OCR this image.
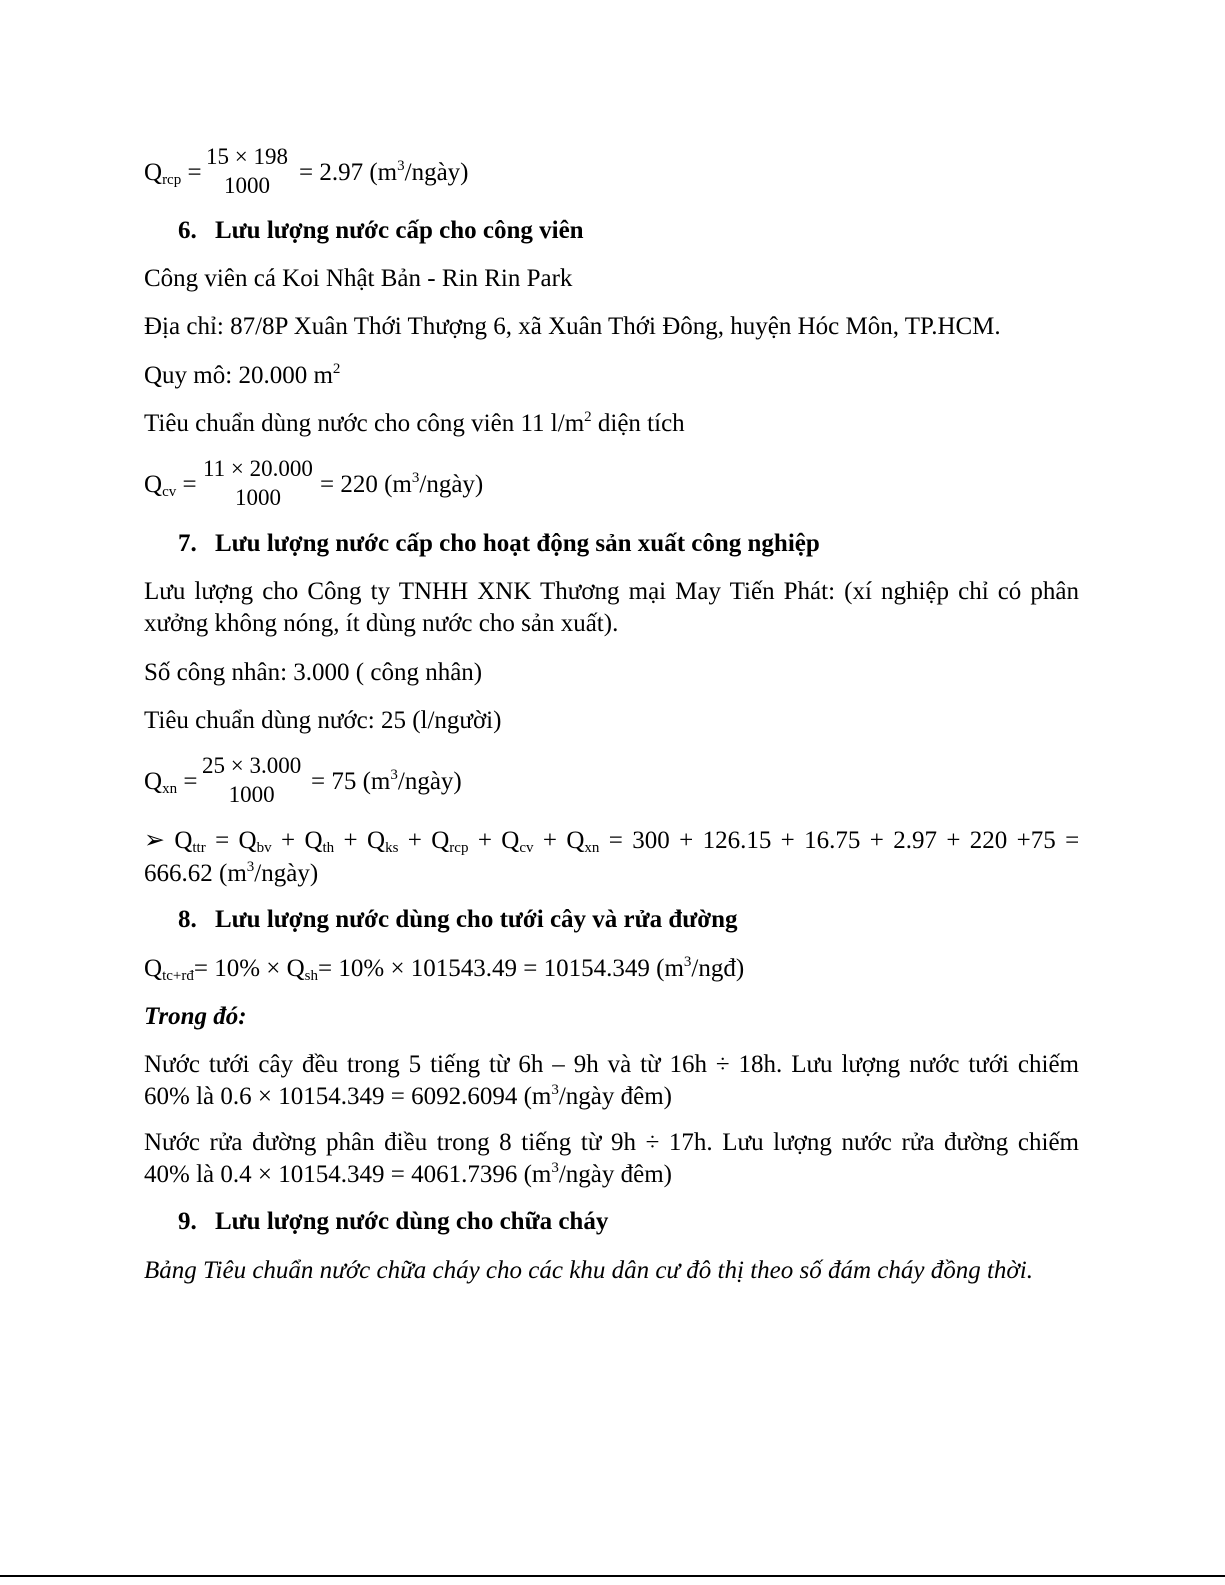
$Q_{rcp}$ =
15 × 198
1000	= 2.97 $(m^3/ngày)$
6. Lưu lượng nước cấp cho công viên
Công viên cá Koi Nhật Bản - Rin Rin Park
Địa chỉ: 87/8P Xuân Thới Thượng 6, xã Xuân Thới Đông, huyện Hóc Môn, TP.HCM.
Quy mô: 20.000 $m^2$
Tiêu chuẩn dùng nước cho công viên 11 $l/m^2$ diện tích
$Q_{cv}$ =
11 × 20.000
1000	= 220 $(m^3/ngày)$
7. Lưu lượng nước cấp cho hoạt động sản xuất công nghiệp
Lưu lượng cho Công ty TNHH XNK Thương mại May Tiến Phát: (xí nghiệp chỉ có phân
xưởng không nóng, ít dùng nước cho sản xuất).
Số công nhân: 3.000 ( công nhân)
Tiêu chuẩn dùng nước: 25 (l/người)
$Q_{xn}$ =
25 × 3.000
1000	= 75 $(m^3/ngày)$
➢ $Q_{ttr} = Q_{bv} + Q_{th} + Q_{ks} + Q_{rcp} + Q_{cv} + Q_{xn} = 300 + 126.15 + 16.75 + 2.97 + 220 +75$ =
666.62 $(m^3/ngày)$
8. Lưu lượng nước dùng cho tưới cây và rửa đường
$Q_{tc+rđ}= 10\% \times Q_{sh}= 10\% \times 101543.49 = 10154.349$ $(m^3/ngđ)$
Trong đó:
Nước tưới cây đều trong 5 tiếng từ 6h – 9h và từ 16h ÷ 18h. Lưu lượng nước tưới chiếm
60% là 0.6 × 10154.349 = 6092.6094 ($m^3$/ngày đêm)
Nước rửa đường phân điều trong 8 tiếng từ 9h ÷ 17h. Lưu lượng nước rửa đường chiếm
40% là 0.4 × 10154.349 = 4061.7396 ($m^3$/ngày đêm)
9. Lưu lượng nước dùng cho chữa cháy
Bảng Tiêu chuẩn nước chữa cháy cho các khu dân cư đô thị theo số đám cháy đồng thời.
